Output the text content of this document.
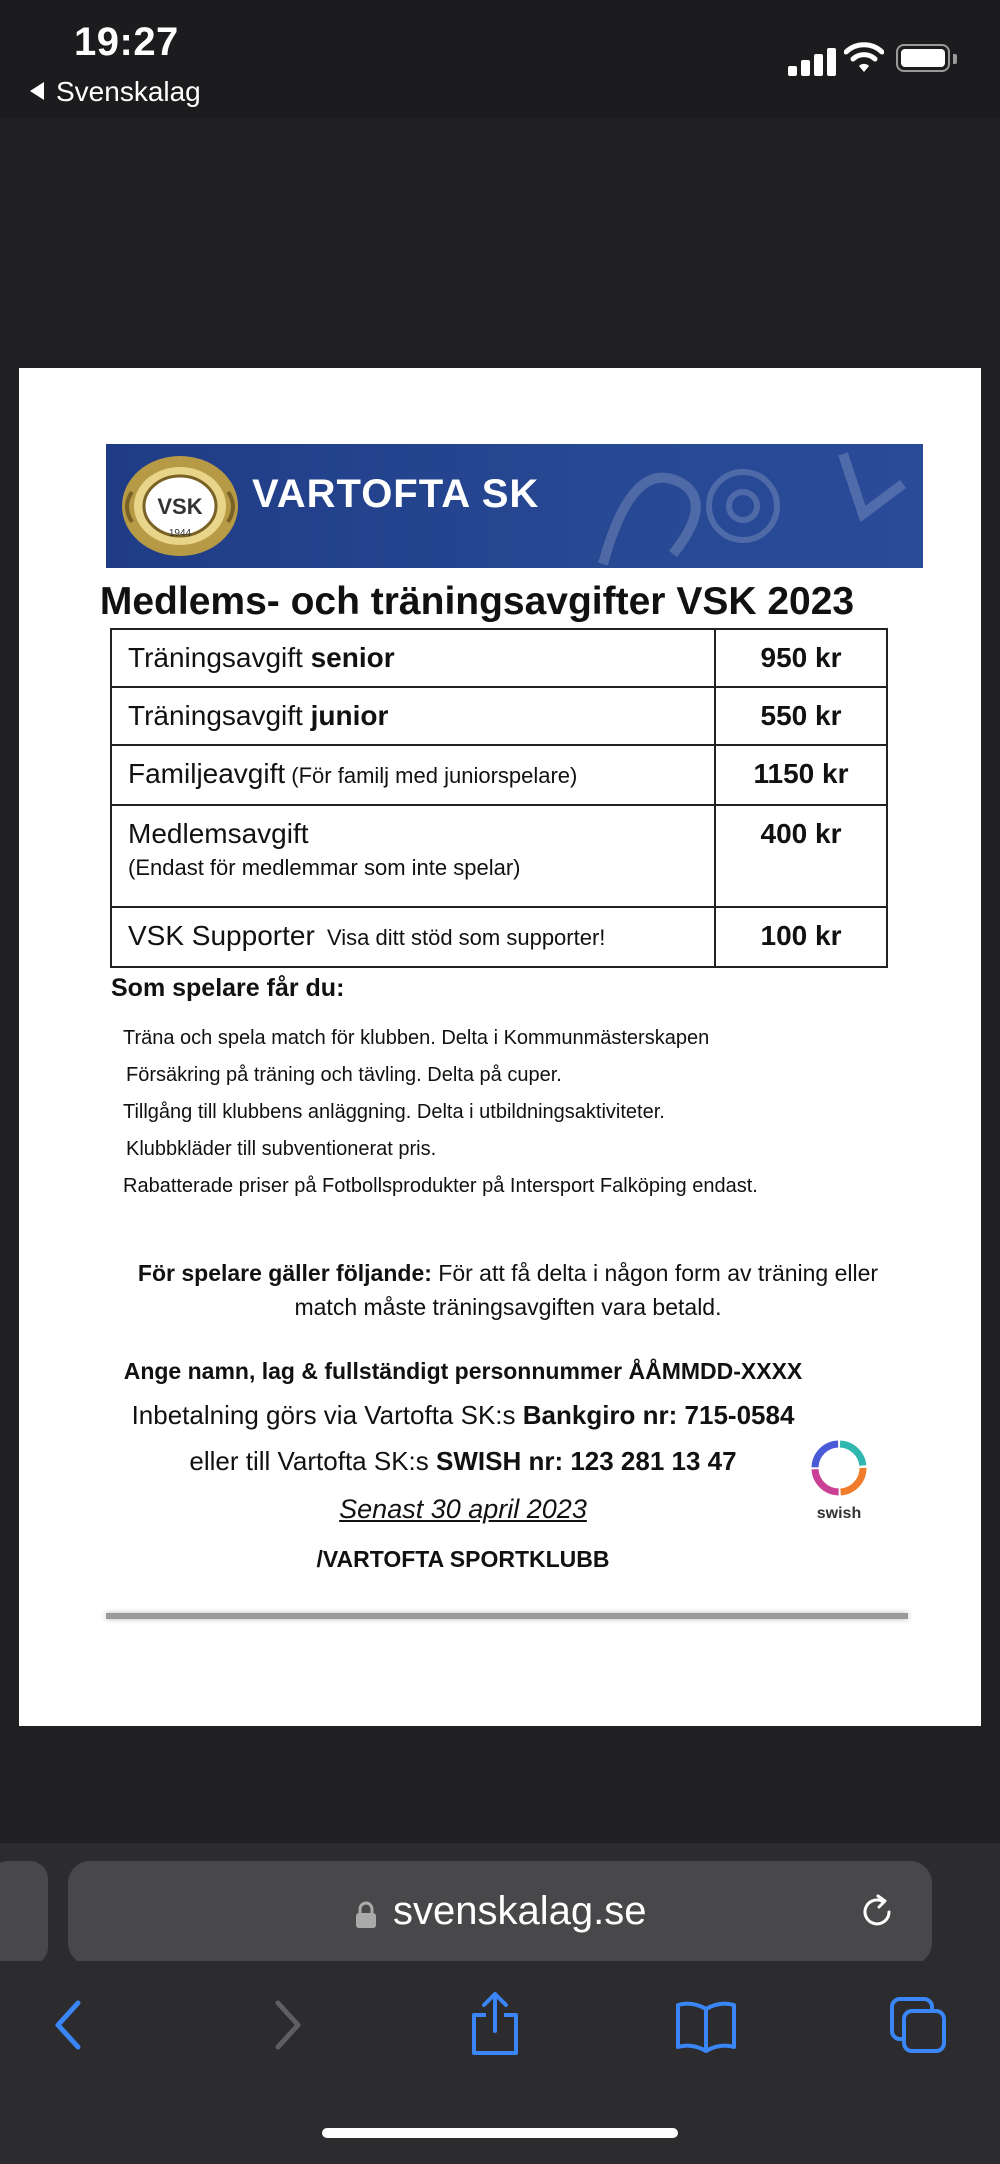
19:27
Svenskalag
VSK
1944
VARTOFTA SK
Medlems- och träningsavgifter VSK 2023
Träningsavgift senior	950 kr
Träningsavgift junior	550 kr
Familjeavgift (För familj med juniorspelare)	1150 kr
Medlemsavgift
(Endast för medlemmar som inte spelar)	400 kr
VSK Supporter  Visa ditt stöd som supporter!	100 kr
Som spelare får du:
Träna och spela match för klubben. Delta i Kommunmästerskapen
Försäkring på träning och tävling. Delta på cuper.
Tillgång till klubbens anläggning. Delta i utbildningsaktiviteter.
Klubbkläder till subventionerat pris.
Rabatterade priser på Fotbollsprodukter på Intersport Falköping endast.
För spelare gäller följande: För att få delta i någon form av träning eller match måste träningsavgiften vara betald.
Ange namn, lag & fullständigt personnummer ÅÅMMDD-XXXX
Inbetalning görs via Vartofta SK:s Bankgiro nr: 715-0584
eller till Vartofta SK:s SWISH nr: 123 281 13 47
Senast 30 april 2023
/VARTOFTA SPORTKLUBB
swish
svenskalag.se
